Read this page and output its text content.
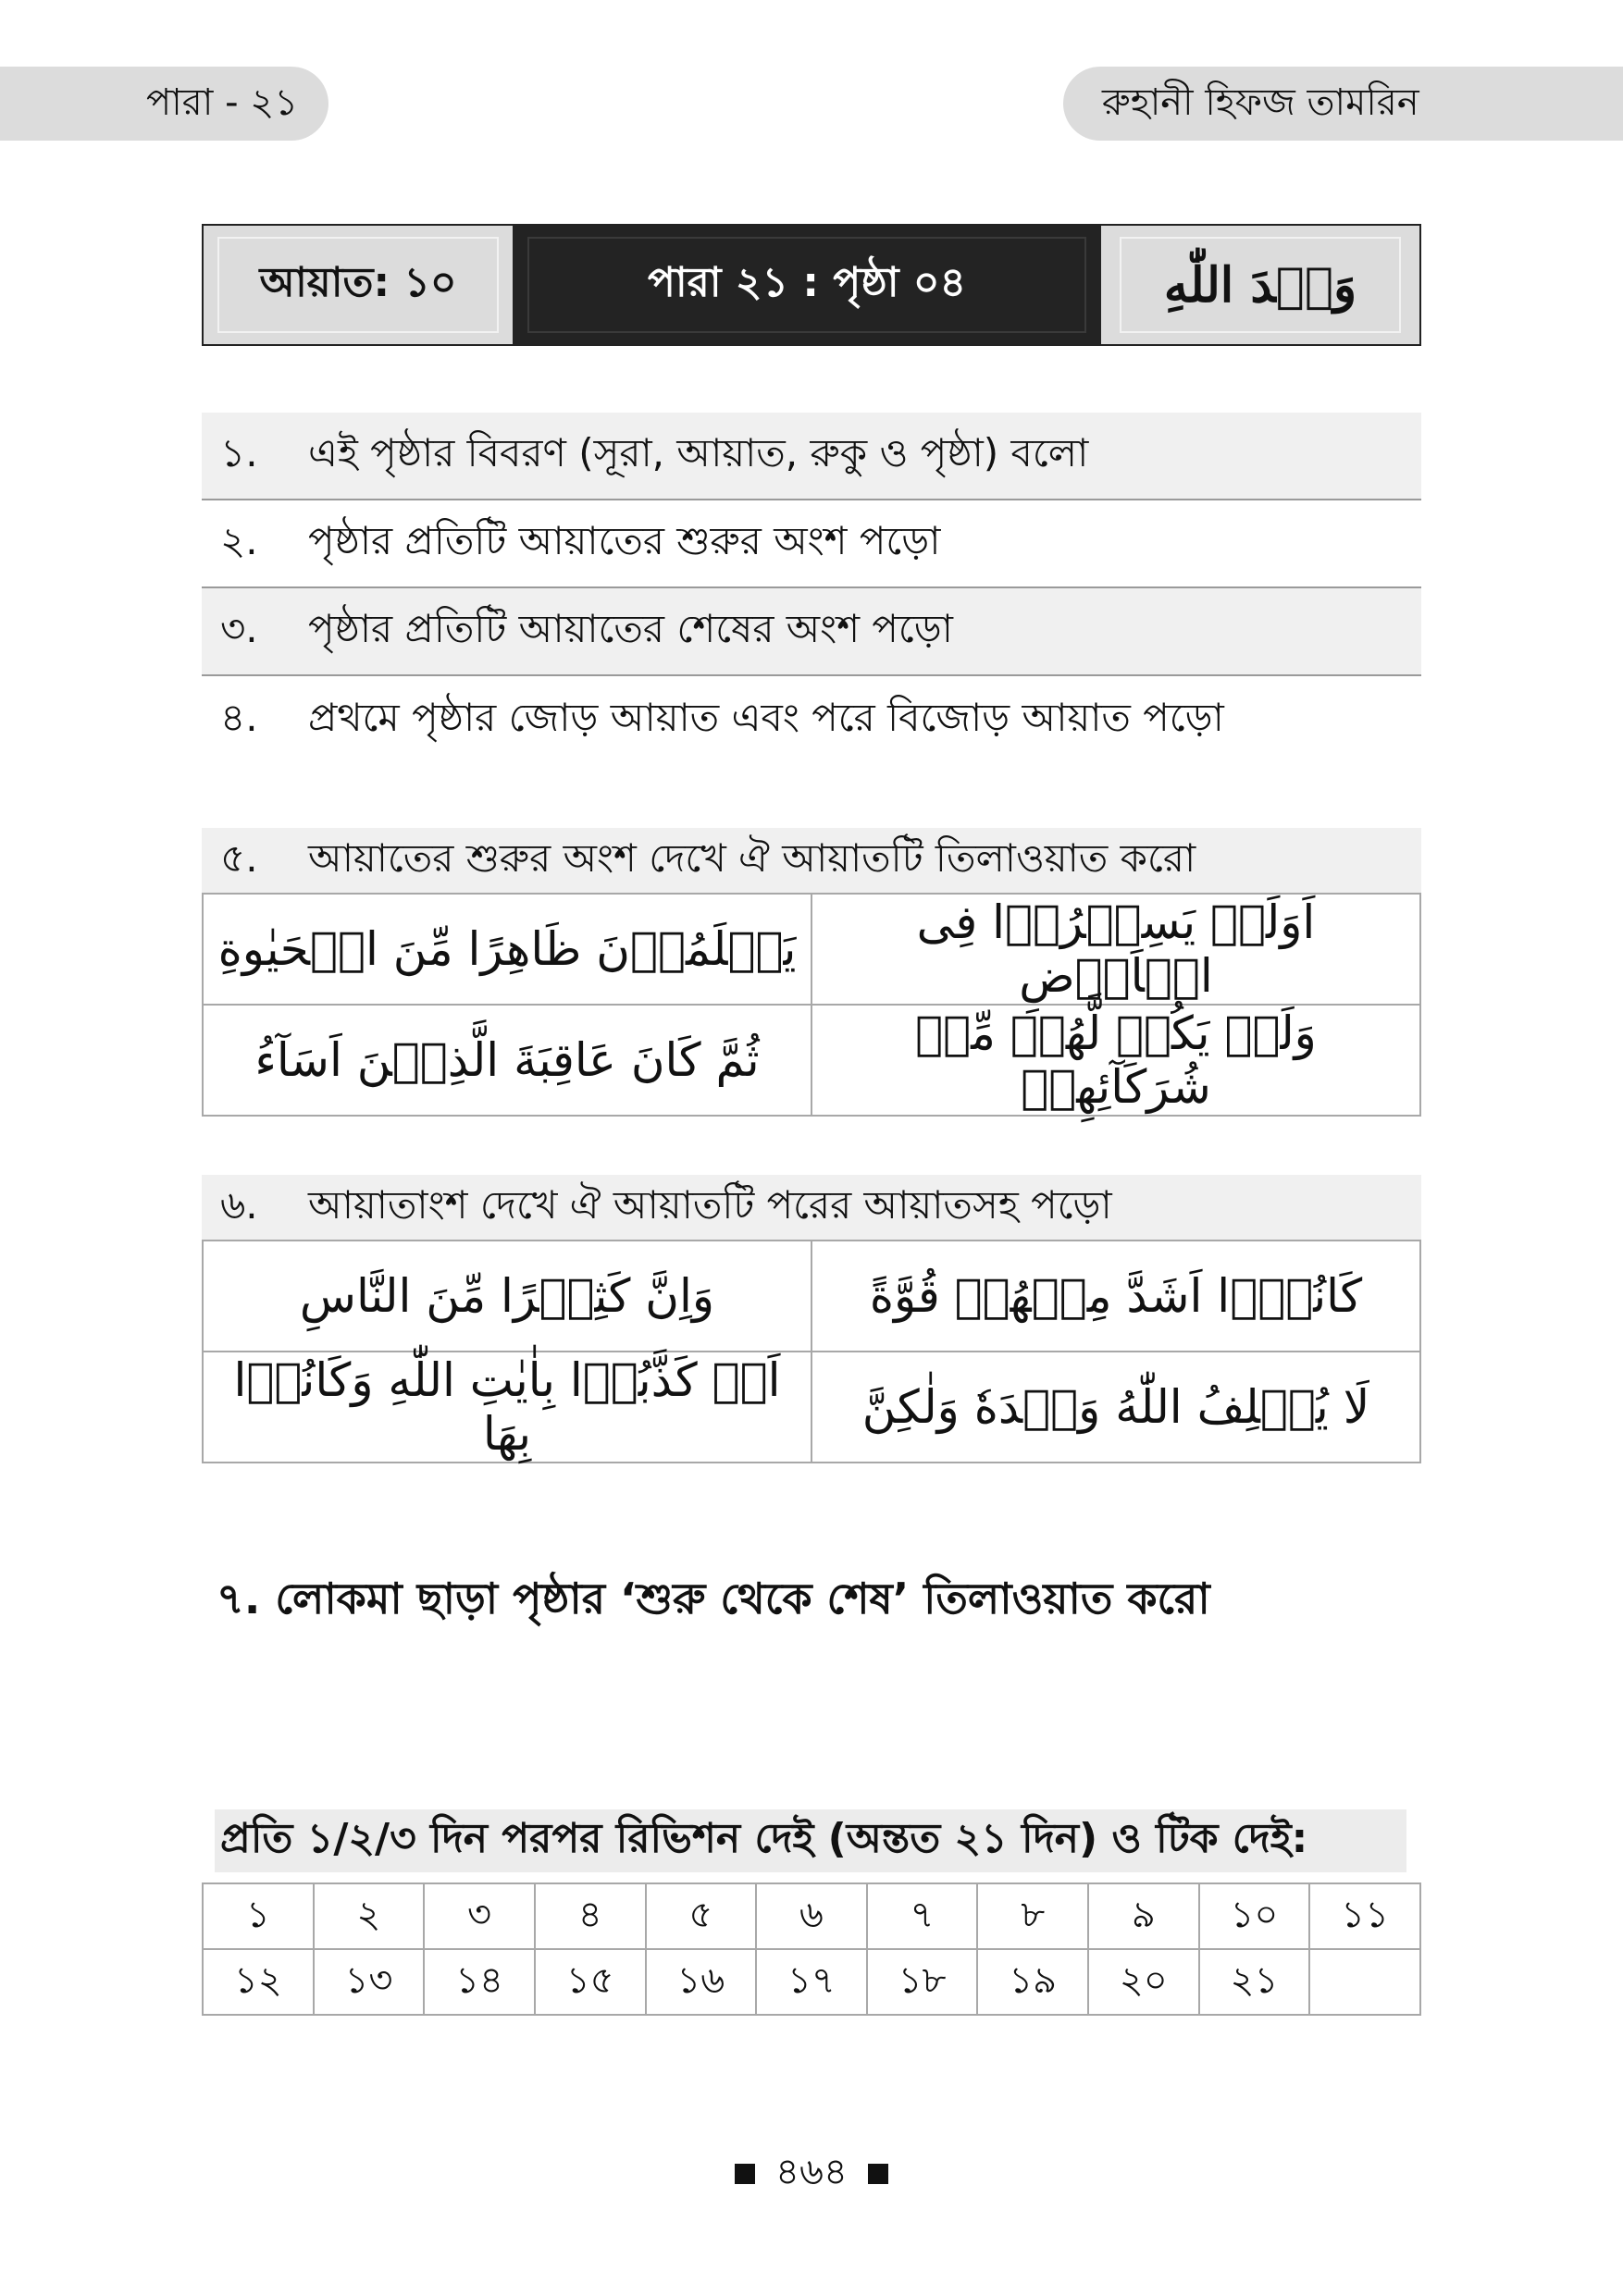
পারা - ২১	রুহানী হিফজ তামরিন
আয়াত: ১০	পারা ২১ : পৃষ্ঠা ০৪	وَعۡدَ اللّٰهِ
১.	এই পৃষ্ঠার বিবরণ (সূরা, আয়াত, রুকু ও পৃষ্ঠা) বলো
২.	পৃষ্ঠার প্রতিটি আয়াতের শুরুর অংশ পড়ো
৩.	পৃষ্ঠার প্রতিটি আয়াতের শেষের অংশ পড়ো
৪.	প্রথমে পৃষ্ঠার জোড় আয়াত এবং পরে বিজোড় আয়াত পড়ো
৫.	আয়াতের শুরুর অংশ দেখে ঐ আয়াতটি তিলাওয়াত করো
يَعۡلَمُوۡنَ ظَاهِرًا مِّنَ الۡحَيٰوةِ	اَوَلَمۡ يَسِيۡرُوۡا فِى الۡاَرۡضِ
ثُمَّ كَانَ عَاقِبَةَ الَّذِيۡنَ اَسَآءُ	وَلَمۡ يَكُنۡ لَّهُمۡ مِّنۡ شُرَكَآئِهِمۡ
৬.	আয়াতাংশ দেখে ঐ আয়াতটি পরের আয়াতসহ পড়ো
وَاِنَّ كَثِيۡرًا مِّنَ النَّاسِ	كَانُوۡۤا اَشَدَّ مِنۡهُمۡ قُوَّةً
اَنۡ كَذَّبُوۡا بِاٰيٰتِ اللّٰهِ وَكَانُوۡا بِهَا	لَا يُخۡلِفُ اللّٰهُ وَعۡدَهٗ وَلٰكِنَّ
৭. লোকমা ছাড়া পৃষ্ঠার ‘শুরু থেকে শেষ’ তিলাওয়াত করো
প্রতি ১/২/৩ দিন পরপর রিভিশন দেই (অন্তত ২১ দিন) ও টিক দেই:
১	২	৩	৪	৫	৬	৭	৮	৯	১০	১১
১২	১৩	১৪	১৫	১৬	১৭	১৮	১৯	২০	২১	
৪৬৪
